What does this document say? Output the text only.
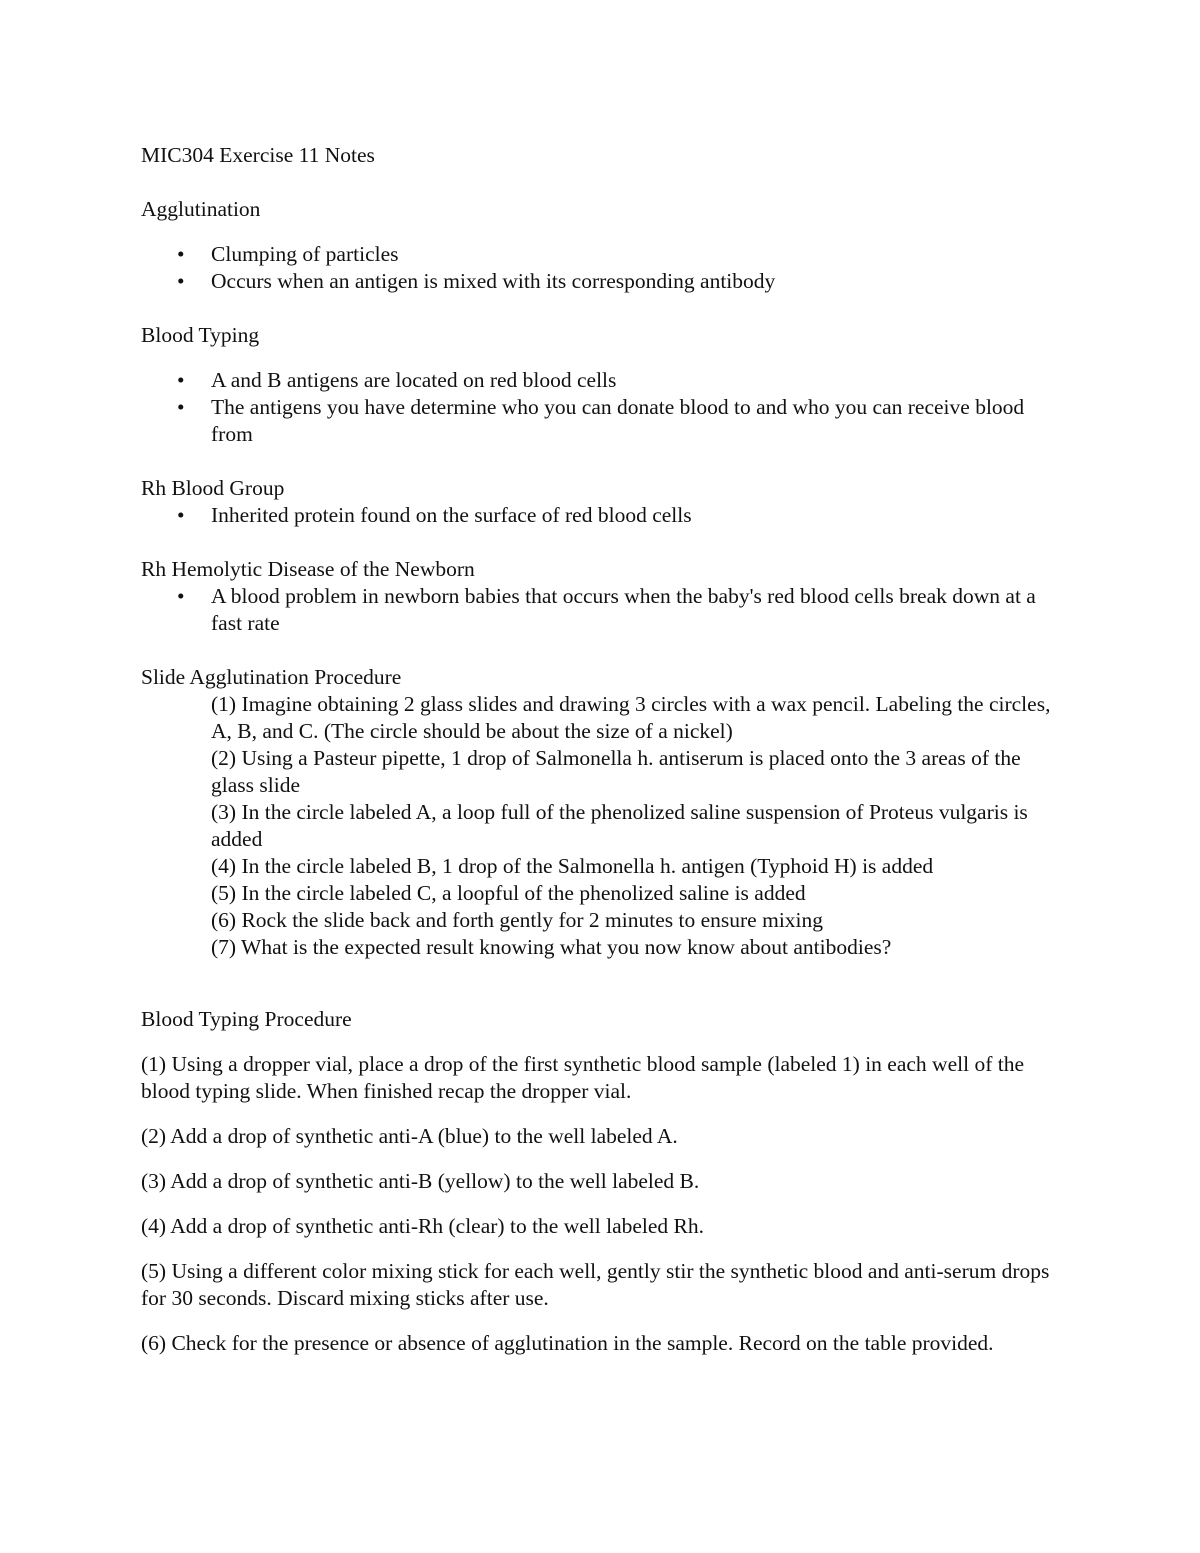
MIC304 Exercise 11 Notes

Agglutination

• Clumping of particles
• Occurs when an antigen is mixed with its corresponding antibody

Blood Typing

• A and B antigens are located on red blood cells
• The antigens you have determine who you can donate blood to and who you can receive blood from

Rh Blood Group

• Inherited protein found on the surface of red blood cells

Rh Hemolytic Disease of the Newborn

• A blood problem in newborn babies that occurs when the baby's red blood cells break down at a fast rate

Slide Agglutination Procedure

(1) Imagine obtaining 2 glass slides and drawing 3 circles with a wax pencil. Labeling the circles, A, B, and C. (The circle should be about the size of a nickel)

(2) Using a Pasteur pipette, 1 drop of Salmonella h. antiserum is placed onto the 3 areas of the glass slide

(3) In the circle labeled A, a loop full of the phenolized saline suspension of Proteus vulgaris is added

(4) In the circle labeled B, 1 drop of the Salmonella h. antigen (Typhoid H) is added

(5) In the circle labeled C, a loopful of the phenolized saline is added

(6) Rock the slide back and forth gently for 2 minutes to ensure mixing

(7) What is the expected result knowing what you now know about antibodies?

Blood Typing Procedure

(1) Using a dropper vial, place a drop of the first synthetic blood sample (labeled 1) in each well of the blood typing slide. When finished recap the dropper vial.

(2) Add a drop of synthetic anti-A (blue) to the well labeled A.

(3) Add a drop of synthetic anti-B (yellow) to the well labeled B.

(4) Add a drop of synthetic anti-Rh (clear) to the well labeled Rh.

(5) Using a different color mixing stick for each well, gently stir the synthetic blood and anti-serum drops for 30 seconds. Discard mixing sticks after use.

(6) Check for the presence or absence of agglutination in the sample. Record on the table provided.
